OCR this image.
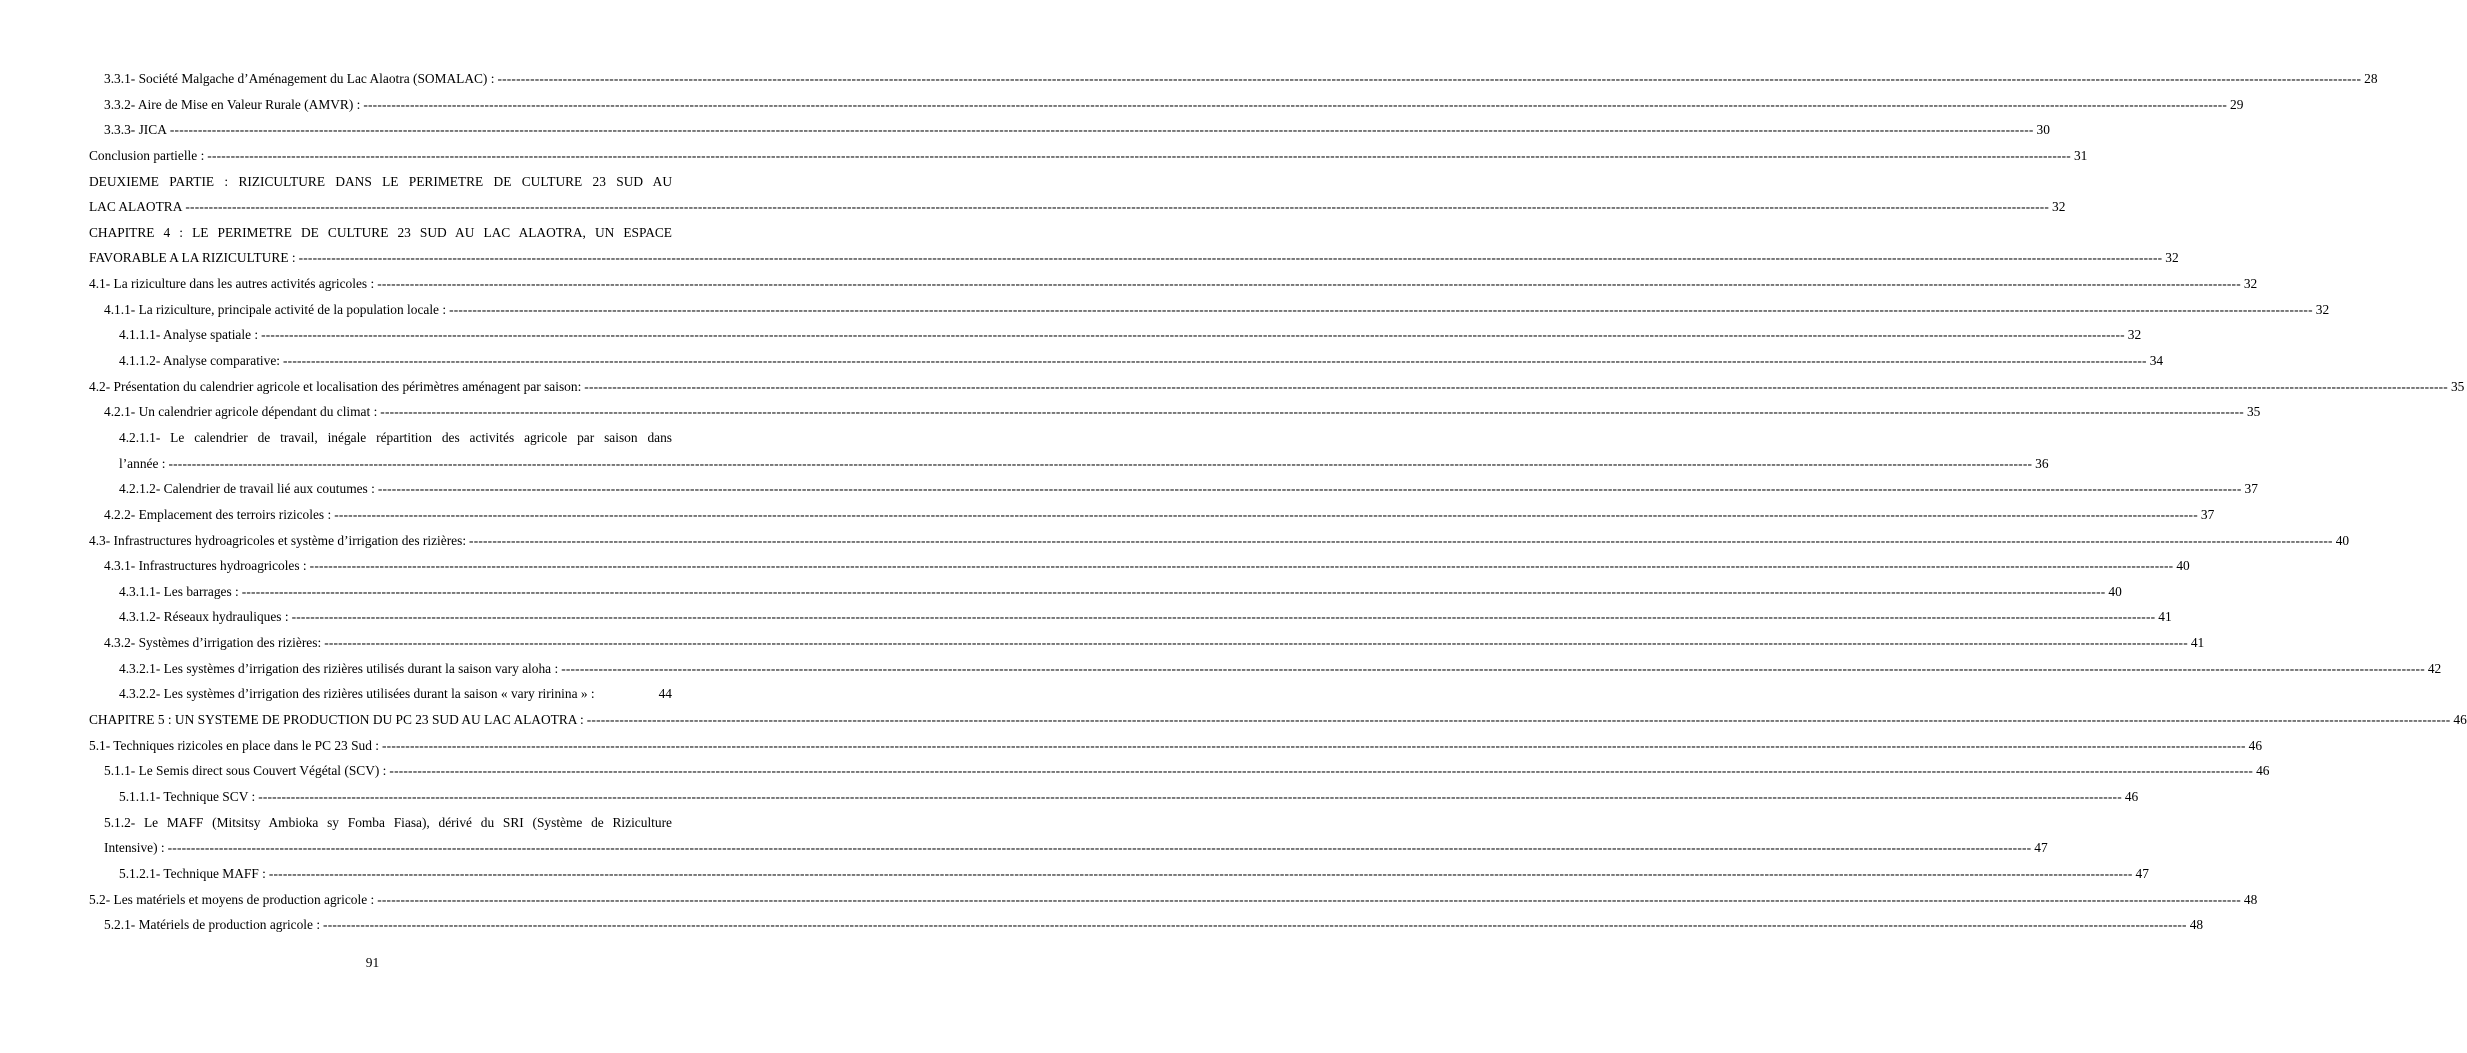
3.3.1- Société Malgache d’Aménagement du Lac Alaotra (SOMALAC) : ---------------------------------------------------------------------------------------------------------------------------------------------------------------------------------------------------------------------------------------------------------------------------------------------------------------------------------------------------------------------------------------------------------------- 28
3.3.2- Aire de Mise en Valeur Rurale (AMVR) : ---------------------------------------------------------------------------------------------------------------------------------------------------------------------------------------------------------------------------------------------------------------------------------------------------------------------------------------------------------------------------------------------------------------- 29
3.3.3- JICA ---------------------------------------------------------------------------------------------------------------------------------------------------------------------------------------------------------------------------------------------------------------------------------------------------------------------------------------------------------------------------------------------------------------- 30
Conclusion partielle : ---------------------------------------------------------------------------------------------------------------------------------------------------------------------------------------------------------------------------------------------------------------------------------------------------------------------------------------------------------------------------------------------------------------- 31
DEUXIEME PARTIE : RIZICULTURE DANS LE PERIMETRE DE CULTURE 23 SUD AU
LAC ALAOTRA ---------------------------------------------------------------------------------------------------------------------------------------------------------------------------------------------------------------------------------------------------------------------------------------------------------------------------------------------------------------------------------------------------------------- 32
CHAPITRE 4 : LE PERIMETRE DE CULTURE 23 SUD AU LAC ALAOTRA, UN ESPACE
FAVORABLE A LA RIZICULTURE : ---------------------------------------------------------------------------------------------------------------------------------------------------------------------------------------------------------------------------------------------------------------------------------------------------------------------------------------------------------------------------------------------------------------- 32
4.1- La riziculture dans les autres activités agricoles : ---------------------------------------------------------------------------------------------------------------------------------------------------------------------------------------------------------------------------------------------------------------------------------------------------------------------------------------------------------------------------------------------------------------- 32
4.1.1- La riziculture, principale activité de la population locale : ---------------------------------------------------------------------------------------------------------------------------------------------------------------------------------------------------------------------------------------------------------------------------------------------------------------------------------------------------------------------------------------------------------------- 32
4.1.1.1- Analyse spatiale : ---------------------------------------------------------------------------------------------------------------------------------------------------------------------------------------------------------------------------------------------------------------------------------------------------------------------------------------------------------------------------------------------------------------- 32
4.1.1.2- Analyse comparative: ---------------------------------------------------------------------------------------------------------------------------------------------------------------------------------------------------------------------------------------------------------------------------------------------------------------------------------------------------------------------------------------------------------------- 34
4.2- Présentation du calendrier agricole et localisation des périmètres aménagent par saison: ---------------------------------------------------------------------------------------------------------------------------------------------------------------------------------------------------------------------------------------------------------------------------------------------------------------------------------------------------------------------------------------------------------------- 35
4.2.1- Un calendrier agricole dépendant du climat : ---------------------------------------------------------------------------------------------------------------------------------------------------------------------------------------------------------------------------------------------------------------------------------------------------------------------------------------------------------------------------------------------------------------- 35
4.2.1.1- Le calendrier de travail, inégale répartition des activités agricole par saison dans
l’année : ---------------------------------------------------------------------------------------------------------------------------------------------------------------------------------------------------------------------------------------------------------------------------------------------------------------------------------------------------------------------------------------------------------------- 36
4.2.1.2- Calendrier de travail lié aux coutumes : ---------------------------------------------------------------------------------------------------------------------------------------------------------------------------------------------------------------------------------------------------------------------------------------------------------------------------------------------------------------------------------------------------------------- 37
4.2.2- Emplacement des terroirs rizicoles : ---------------------------------------------------------------------------------------------------------------------------------------------------------------------------------------------------------------------------------------------------------------------------------------------------------------------------------------------------------------------------------------------------------------- 37
4.3- Infrastructures hydroagricoles et système d’irrigation des rizières: ---------------------------------------------------------------------------------------------------------------------------------------------------------------------------------------------------------------------------------------------------------------------------------------------------------------------------------------------------------------------------------------------------------------- 40
4.3.1- Infrastructures hydroagricoles : ---------------------------------------------------------------------------------------------------------------------------------------------------------------------------------------------------------------------------------------------------------------------------------------------------------------------------------------------------------------------------------------------------------------- 40
4.3.1.1- Les barrages : ---------------------------------------------------------------------------------------------------------------------------------------------------------------------------------------------------------------------------------------------------------------------------------------------------------------------------------------------------------------------------------------------------------------- 40
4.3.1.2- Réseaux hydrauliques : ---------------------------------------------------------------------------------------------------------------------------------------------------------------------------------------------------------------------------------------------------------------------------------------------------------------------------------------------------------------------------------------------------------------- 41
4.3.2- Systèmes d’irrigation des rizières: ---------------------------------------------------------------------------------------------------------------------------------------------------------------------------------------------------------------------------------------------------------------------------------------------------------------------------------------------------------------------------------------------------------------- 41
4.3.2.1- Les systèmes d’irrigation des rizières utilisés durant la saison vary aloha : ---------------------------------------------------------------------------------------------------------------------------------------------------------------------------------------------------------------------------------------------------------------------------------------------------------------------------------------------------------------------------------------------------------------- 42
4.3.2.2- Les systèmes d’irrigation des rizières utilisées durant la saison « vary ririnina » :	44
CHAPITRE 5 : UN SYSTEME DE PRODUCTION DU PC 23 SUD AU LAC ALAOTRA : ---------------------------------------------------------------------------------------------------------------------------------------------------------------------------------------------------------------------------------------------------------------------------------------------------------------------------------------------------------------------------------------------------------------- 46
5.1- Techniques rizicoles en place dans le PC 23 Sud : ---------------------------------------------------------------------------------------------------------------------------------------------------------------------------------------------------------------------------------------------------------------------------------------------------------------------------------------------------------------------------------------------------------------- 46
5.1.1- Le Semis direct sous Couvert Végétal (SCV) : ---------------------------------------------------------------------------------------------------------------------------------------------------------------------------------------------------------------------------------------------------------------------------------------------------------------------------------------------------------------------------------------------------------------- 46
5.1.1.1- Technique SCV : ---------------------------------------------------------------------------------------------------------------------------------------------------------------------------------------------------------------------------------------------------------------------------------------------------------------------------------------------------------------------------------------------------------------- 46
5.1.2- Le MAFF (Mitsitsy Ambioka sy Fomba Fiasa), dérivé du SRI (Système de Riziculture
Intensive) : ---------------------------------------------------------------------------------------------------------------------------------------------------------------------------------------------------------------------------------------------------------------------------------------------------------------------------------------------------------------------------------------------------------------- 47
5.1.2.1- Technique MAFF : ---------------------------------------------------------------------------------------------------------------------------------------------------------------------------------------------------------------------------------------------------------------------------------------------------------------------------------------------------------------------------------------------------------------- 47
5.2- Les matériels et moyens de production agricole : ---------------------------------------------------------------------------------------------------------------------------------------------------------------------------------------------------------------------------------------------------------------------------------------------------------------------------------------------------------------------------------------------------------------- 48
5.2.1- Matériels de production agricole : ---------------------------------------------------------------------------------------------------------------------------------------------------------------------------------------------------------------------------------------------------------------------------------------------------------------------------------------------------------------------------------------------------------------- 48
91
